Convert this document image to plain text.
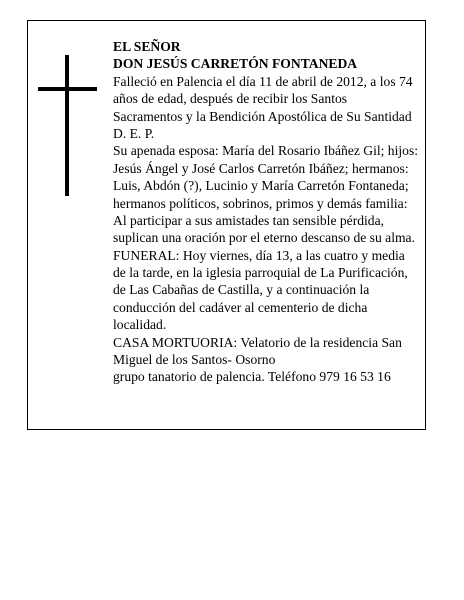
EL SEÑOR
DON JESÚS CARRETÓN FONTANEDA
Falleció en Palencia el día 11 de abril de 2012, a los 74
años de edad, después de recibir los Santos
Sacramentos y la Bendición Apostólica de Su Santidad
D. E. P.
Su apenada esposa: María del Rosario Ibáñez Gil; hijos:
Jesús Ángel y José Carlos Carretón Ibáñez; hermanos:
Luis, Abdón (?), Lucinio y María Carretón Fontaneda;
hermanos políticos, sobrinos, primos y demás familia:
Al participar a sus amistades tan sensible pérdida,
suplican una oración por el eterno descanso de su alma.
FUNERAL: Hoy viernes, día 13, a las cuatro y media
de la tarde, en la iglesia parroquial de La Purificación,
de Las Cabañas de Castilla, y a continuación la
conducción del cadáver al cementerio de dicha
localidad.
CASA MORTUORIA: Velatorio de la residencia San
Miguel de los Santos- Osorno
grupo tanatorio de palencia. Teléfono 979 16 53 16
